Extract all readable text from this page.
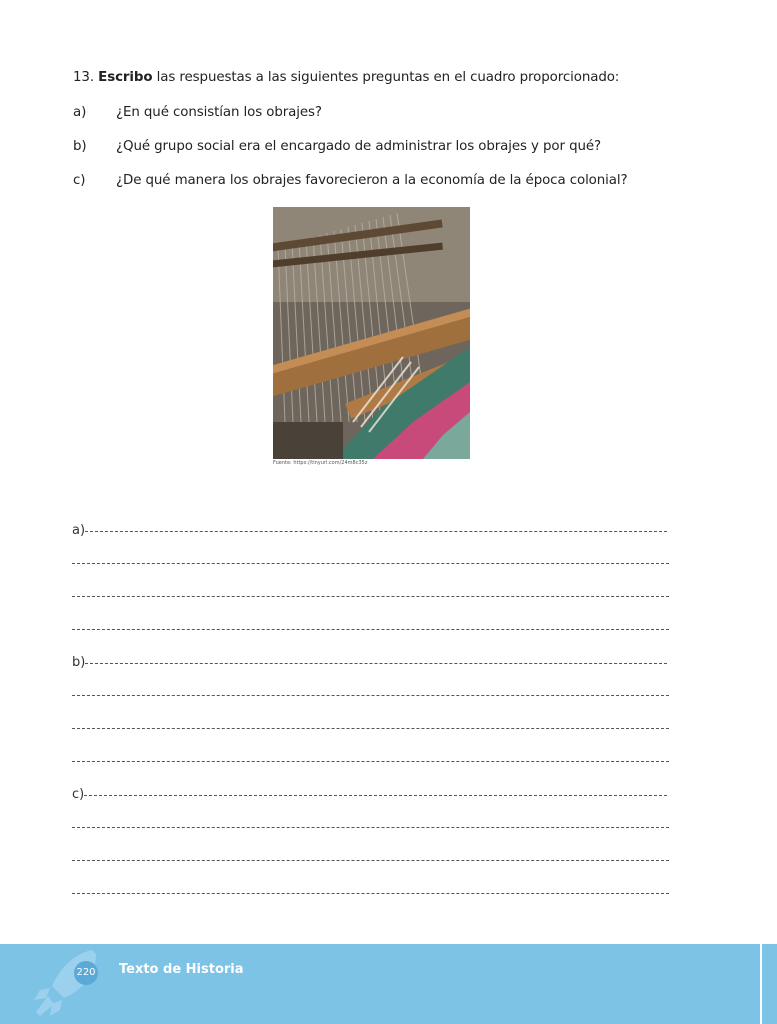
13. Escribo las respuestas a las siguientes preguntas en el cuadro proporcionado:
a) ¿En qué consistían los obrajes?
b) ¿Qué grupo social era el encargado de administrar los obrajes y por qué?
c) ¿De qué manera los obrajes favorecieron a la economía de la época colonial?
Fuente: https://tinyurl.com/24m8c35z
a)
b)
c)
220 Texto de Historia
